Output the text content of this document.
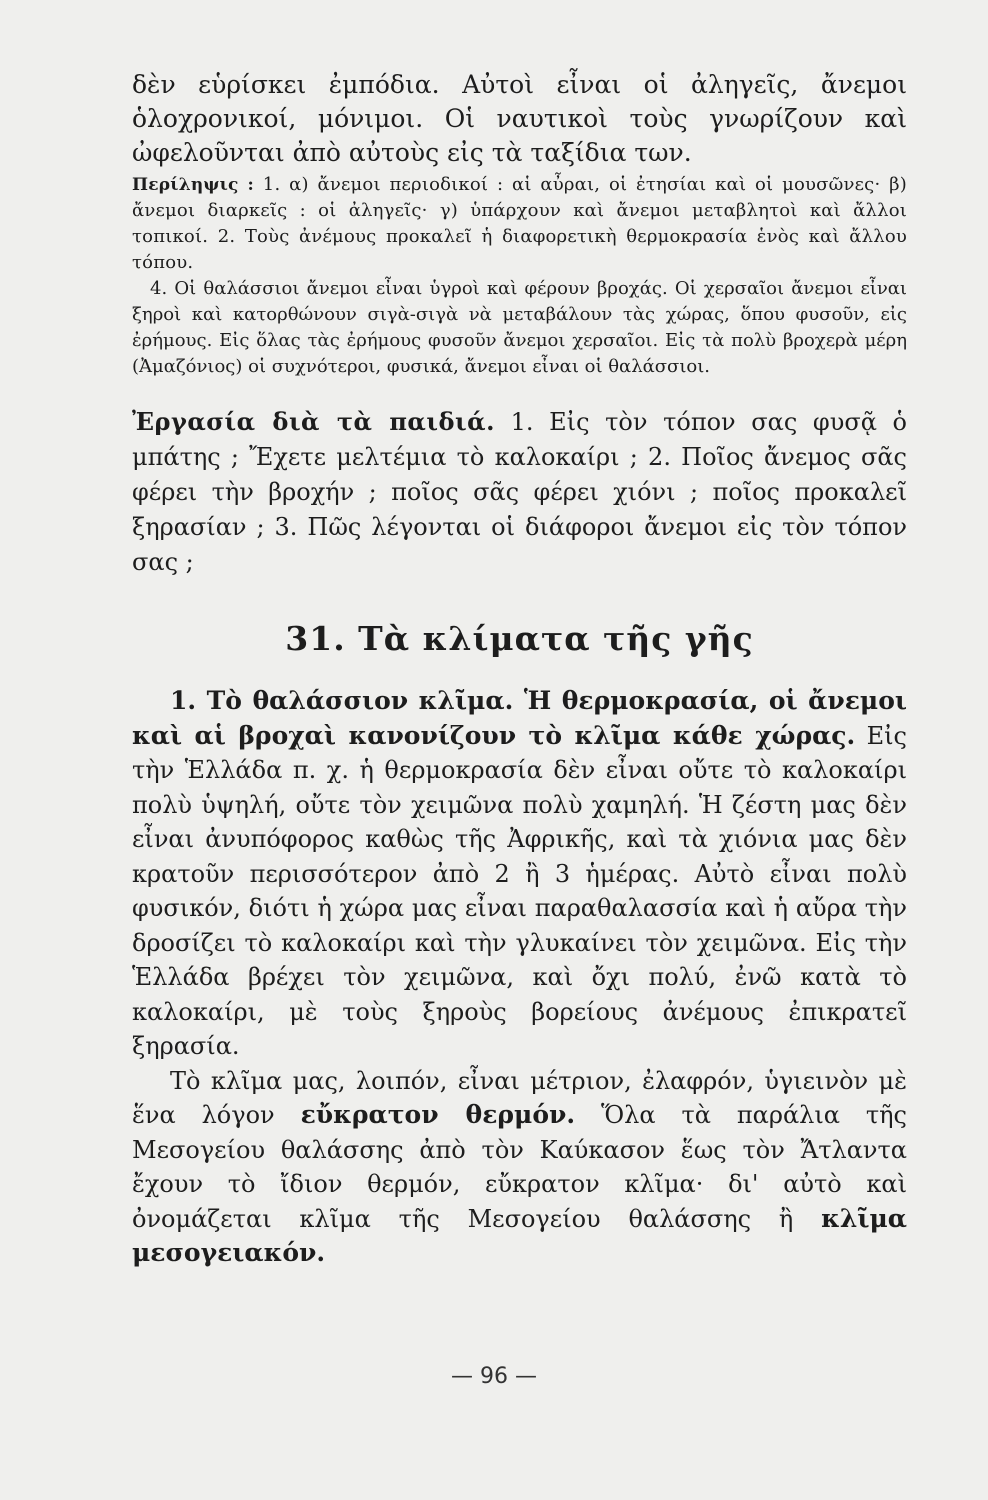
δὲν εὑρίσκει ἐμπόδια. Αὐτοὶ εἶναι οἱ ἀληγεῖς, ἄνεμοι ὁλοχρονικοί, μόνιμοι. Οἱ ναυτικοὶ τοὺς γνωρίζουν καὶ ὠφελοῦνται ἀπὸ αὐτοὺς εἰς τὰ ταξίδια των.

Περίληψις : 1. α) ἄνεμοι περιοδικοί : αἱ αὖραι, οἱ ἐτησίαι καὶ οἱ μουσῶνες· β) ἄνεμοι διαρκεῖς : οἱ ἀληγεῖς· γ) ὑπάρχουν καὶ ἄνεμοι μεταβλητοὶ καὶ ἄλλοι τοπικοί. 2. Τοὺς ἀνέμους προκαλεῖ ἡ διαφορετικὴ θερμοκρασία ἑνὸς καὶ ἄλλου τόπου.

4. Οἱ θαλάσσιοι ἄνεμοι εἶναι ὑγροὶ καὶ φέρουν βροχάς. Οἱ χερσαῖοι ἄνεμοι εἶναι ξηροὶ καὶ κατορθώνουν σιγὰ-σιγὰ νὰ μεταβάλουν τὰς χώρας, ὅπου φυσοῦν, εἰς ἐρήμους. Εἰς ὅλας τὰς ἐρήμους φυσοῦν ἄνεμοι χερσαῖοι. Εἰς τὰ πολὺ βροχερὰ μέρη (Ἀμαζόνιος) οἱ συχνότεροι, φυσικά, ἄνεμοι εἶναι οἱ θαλάσσιοι.

Ἐργασία διὰ τὰ παιδιά. 1. Εἰς τὸν τόπον σας φυσᾷ ὁ μπάτης ; Ἔχετε μελτέμια τὸ καλοκαίρι ; 2. Ποῖος ἄνεμος σᾶς φέρει τὴν βροχήν ; ποῖος σᾶς φέρει χιόνι ; ποῖος προκαλεῖ ξηρασίαν ; 3. Πῶς λέγονται οἱ διάφοροι ἄνεμοι εἰς τὸν τόπον σας ;

31. Τὰ κλίματα τῆς γῆς

1. Τὸ θαλάσσιον κλῖμα. Ἡ θερμοκρασία, οἱ ἄνεμοι καὶ αἱ βροχαὶ κανονίζουν τὸ κλῖμα κάθε χώρας. Εἰς τὴν Ἑλλάδα π. χ. ἡ θερμοκρασία δὲν εἶναι οὔτε τὸ καλοκαίρι πολὺ ὑψηλή, οὔτε τὸν χειμῶνα πολὺ χαμηλή. Ἡ ζέστη μας δὲν εἶναι ἀνυπόφορος καθὼς τῆς Ἀφρικῆς, καὶ τὰ χιόνια μας δὲν κρατοῦν περισσότερον ἀπὸ 2 ἢ 3 ἡμέρας. Αὐτὸ εἶναι πολὺ φυσικόν, διότι ἡ χώρα μας εἶναι παραθαλασσία καὶ ἡ αὔρα τὴν δροσίζει τὸ καλοκαίρι καὶ τὴν γλυκαίνει τὸν χειμῶνα. Εἰς τὴν Ἑλλάδα βρέχει τὸν χειμῶνα, καὶ ὄχι πολύ, ἐνῶ κατὰ τὸ καλοκαίρι, μὲ τοὺς ξηροὺς βορείους ἀνέμους ἐπικρατεῖ ξηρασία.

Τὸ κλῖμα μας, λοιπόν, εἶναι μέτριον, ἐλαφρόν, ὑγιεινὸν μὲ ἕνα λόγον εὔκρατον θερμόν. Ὅλα τὰ παράλια τῆς Μεσογείου θαλάσσης ἀπὸ τὸν Καύκασον ἕως τὸν Ἄτλαντα ἔχουν τὸ ἴδιον θερμόν, εὔκρατον κλῖμα· δι' αὐτὸ καὶ ὀνομάζεται κλῖμα τῆς Μεσογείου θαλάσσης ἢ κλῖμα μεσογειακόν.

— 96 —
